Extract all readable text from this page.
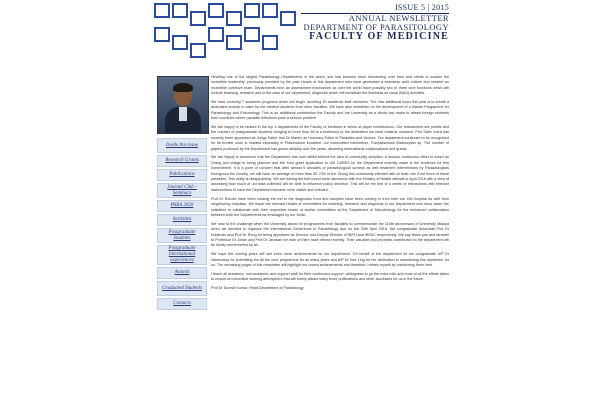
ISSUE 5 | 2015
ANNUAL NEWSLETTER
DEPARTMENT OF PARASITOLOGY
FACULTY OF MEDICINE
Inside this issue
Research Grants
Publications
Journal Club - Seminars
PARA 2020
Activities
Postgraduate Students
Postgraduate International experiences
Awards
Graduated Students
Contacts

Heading one of the largest Parasitology Departments in the world, she has become more demanding over time and needs to sustain the incredible leadership previously provided by the past Heads of this department who have generated a seamless work culture and created an incredible cohesive team. Departments form an assessment mechanism as over the world have possibly two or three core functions which will include teaching, research and in the case of our department, diagnosis which will constitute the Business as usual (BAU) activities.

We have currently 7 academic programs which will begin, involving 33 academic staff members. The new additional focus this year is to create a dedicated module to cater for the elective students from other faculties. We have also embarked on the development of a Master Programme for Parasitology and Entomology. This is an additional contribution the Faculty and the University as a whole can make to attract foreign students from countries where parasitic infections pose a serious problem.

We are happy to be ranked in the top 4 departments at the Faculty of Medicine in terms of paper contributions. Our researchers are prolific and the number of postgraduate students bringing to more than 60 is a testimony to the dedication we have towards research. Prof Datin Indra has recently been appointed as Judge Editor and Dr Mahen as Honorary Editor of Parasites and Vectors. Our department continues to be recognised for its frontier work in malaria especially in Plasmodium knowlesi, our transmitted helminthes, Toxoplasmosis Blastocystis sp. The number of papers produced by the Department has grown steadily over the years, attracting international collaborations and grants.

We are happy to announce that the Department has now rallied behind the idea of community adoption. A serious continuous effort to adopt an Orang Asli village is being planned and the fund grant application to UM CARES by the Department recently made is the evidence for this commitment. It is a point of concern that after almost 6 decades of parasitological surveys as well treatment interventions by Parasitologists throughout the country, we still have an average of more than 50-70% of the Orang Asli community infected with at least one if not three of these parasites. This really is disappointing. We are having the first round table discussion with the Ministry of Health officials in April 2016 with a view of assessing how much of our data collected will be able to influence policy direction. This will be the first of a series of interactions with relevant stakeholders to have the Department become more visible and relevant.

Prof Dr Rohela have been holding the fort in the diagnostic front and samples have been coming in from both our UM hospital as well from neighboring hospitals. We thank the relevant Heads of committees for teaching, research and diagnosis in our Department who have taken the initiatives to collaborate with their respective heads of similar committees at the Department of Microbiology for the enhanced collaboration between both the Departments as envisaged by our Dean.

We rose to the challenge when the University asked for programmes from faculties to commemorate the 110th anniversary of University Malaya when we decided to organize the International Conference in Parasitology due on the 20th April 2016. We congratulate Associate Prof Dr Sulaiman and Prof Dr Rong for being appointed as Director and Deputy Director of IBPU and IBPAC respectively. We say thank you and farewell to Professor Dr Johari and Prof Dr Jamaiah for both of them have retired recently. Their valuable and priceless contribution to the department will be fondly remembered by all.

We hope the coming years will see even more achievements for our department. On behalf of the department let me congratulate A/P Dr Vakeeraisa for submitting the All the core programme for as many years and A/P Dr Hee Ling for her dedication in maintaining this newsletter for us. The remaining pages of this newsletter will highlight our recent achievements and therefore I refrain myself by mentioning them here.

I thank all academic, non-academic and support staff for their continuous support, willingness to go the extra mile and most of all the efforts taken to ensure an incredible working atmosphere that will surely attract many more publications and other accolades for us in the future.

Prof Dr Suresh Kumar, Head Department of Parasitology
